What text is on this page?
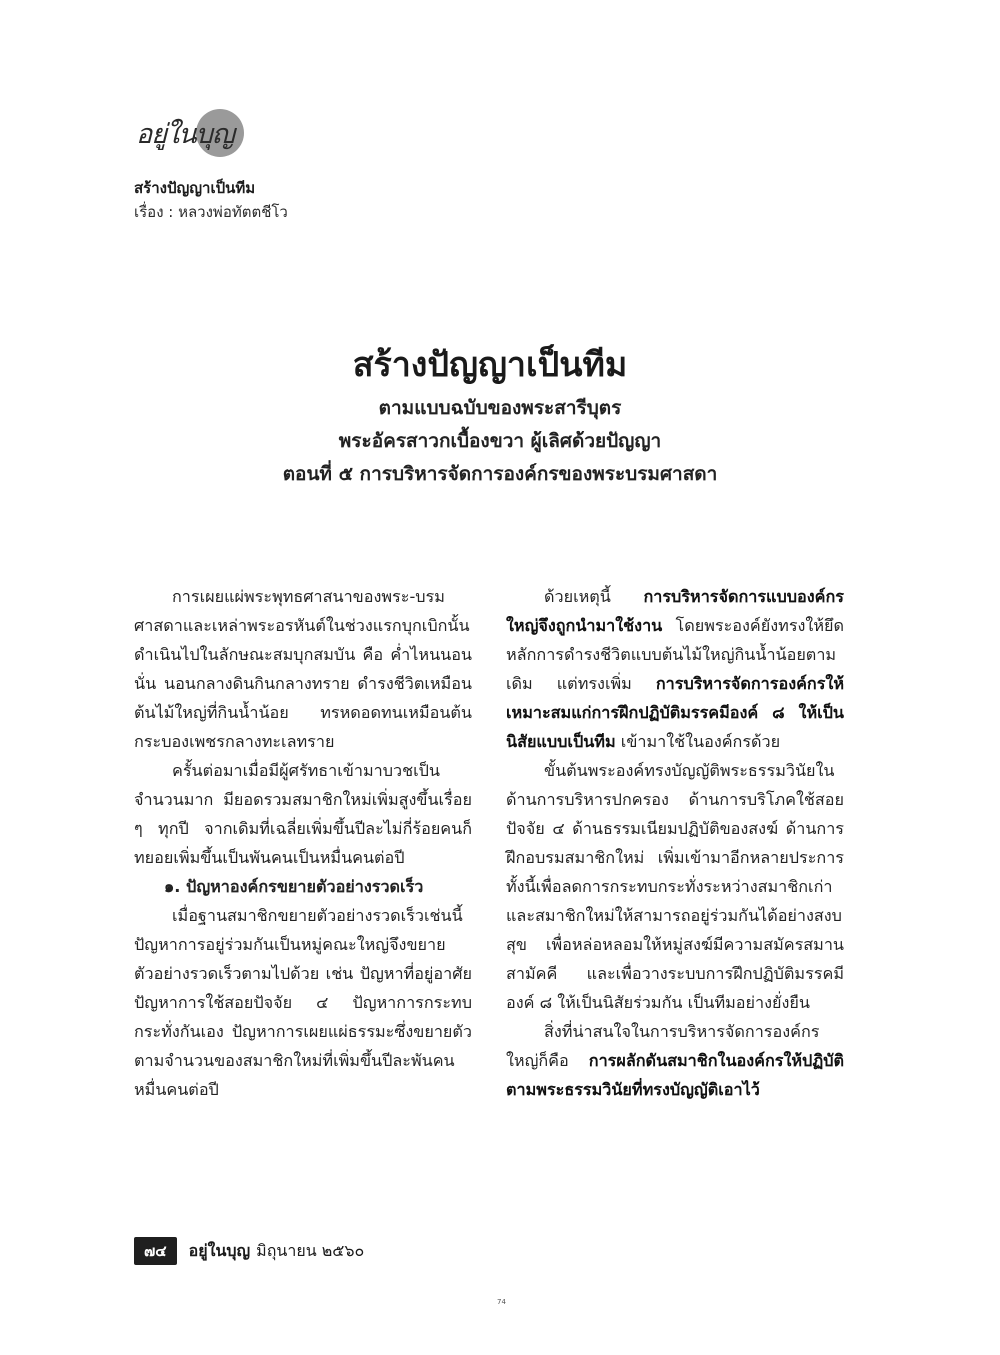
อยู่ในบุญ
สร้างปัญญาเป็นทีม
เรื่อง : หลวงพ่อทัตตชีโว
สร้างปัญญาเป็นทีม
ตามแบบฉบับของพระสารีบุตร
พระอัครสาวกเบื้องขวา ผู้เลิศด้วยปัญญา
ตอนที่ ๕ การบริหารจัดการองค์กรของพระบรมศาสดา

การเผยแผ่พระพุทธศาสนาของพระ-บรมศาสดาและเหล่าพระอรหันต์ในช่วงแรกบุกเบิกนั้น ดำเนินไปในลักษณะสมบุกสมบัน คือ ค่ำไหนนอนนั่น นอนกลางดินกินกลางทราย ดำรงชีวิตเหมือนต้นไม้ใหญ่ที่กินน้ำน้อย ทรหดอดทนเหมือนต้นกระบองเพชรกลางทะเลทราย

ครั้นต่อมาเมื่อมีผู้ศรัทธาเข้ามาบวชเป็นจำนวนมาก มียอดรวมสมาชิกใหม่เพิ่มสูงขึ้นเรื่อย ๆ ทุกปี จากเดิมที่เฉลี่ยเพิ่มขึ้นปีละไม่กี่ร้อยคนก็ทยอยเพิ่มขึ้นเป็นพันคนเป็นหมื่นคนต่อปี

๑. ปัญหาองค์กรขยายตัวอย่างรวดเร็ว

เมื่อฐานสมาชิกขยายตัวอย่างรวดเร็วเช่นนี้ ปัญหาการอยู่ร่วมกันเป็นหมู่คณะใหญ่จึงขยายตัวอย่างรวดเร็วตามไปด้วย เช่น ปัญหาที่อยู่อาศัย ปัญหาการใช้สอยปัจจัย ๔ ปัญหาการกระทบกระทั่งกันเอง ปัญหาการเผยแผ่ธรรมะซึ่งขยายตัวตามจำนวนของสมาชิกใหม่ที่เพิ่มขึ้นปีละพันคนหมื่นคนต่อปี

ด้วยเหตุนี้ การบริหารจัดการแบบองค์กรใหญ่จึงถูกนำมาใช้งาน โดยพระองค์ยังทรงให้ยึดหลักการดำรงชีวิตแบบต้นไม้ใหญ่กินน้ำน้อยตามเดิม แต่ทรงเพิ่ม การบริหารจัดการองค์กรให้เหมาะสมแก่การฝึกปฏิบัติมรรคมีองค์ ๘ ให้เป็นนิสัยแบบเป็นทีม เข้ามาใช้ในองค์กรด้วย

ขั้นต้นพระองค์ทรงบัญญัติพระธรรมวินัยในด้านการบริหารปกครอง ด้านการบริโภคใช้สอยปัจจัย ๔ ด้านธรรมเนียมปฏิบัติของสงฆ์ ด้านการฝึกอบรมสมาชิกใหม่ เพิ่มเข้ามาอีกหลายประการ ทั้งนี้เพื่อลดการกระทบกระทั่งระหว่างสมาชิกเก่าและสมาชิกใหม่ให้สามารถอยู่ร่วมกันได้อย่างสงบสุข เพื่อหล่อหลอมให้หมู่สงฆ์มีความสมัครสมานสามัคคี และเพื่อวางระบบการฝึกปฏิบัติมรรคมีองค์ ๘ ให้เป็นนิสัยร่วมกัน เป็นทีมอย่างยั่งยืน

สิ่งที่น่าสนใจในการบริหารจัดการองค์กรใหญ่ก็คือ การผลักดันสมาชิกในองค์กรให้ปฏิบัติตามพระธรรมวินัยที่ทรงบัญญัติเอาไว้

๗๔	อยู่ในบุญ มิถุนายน ๒๕๖๐
74
